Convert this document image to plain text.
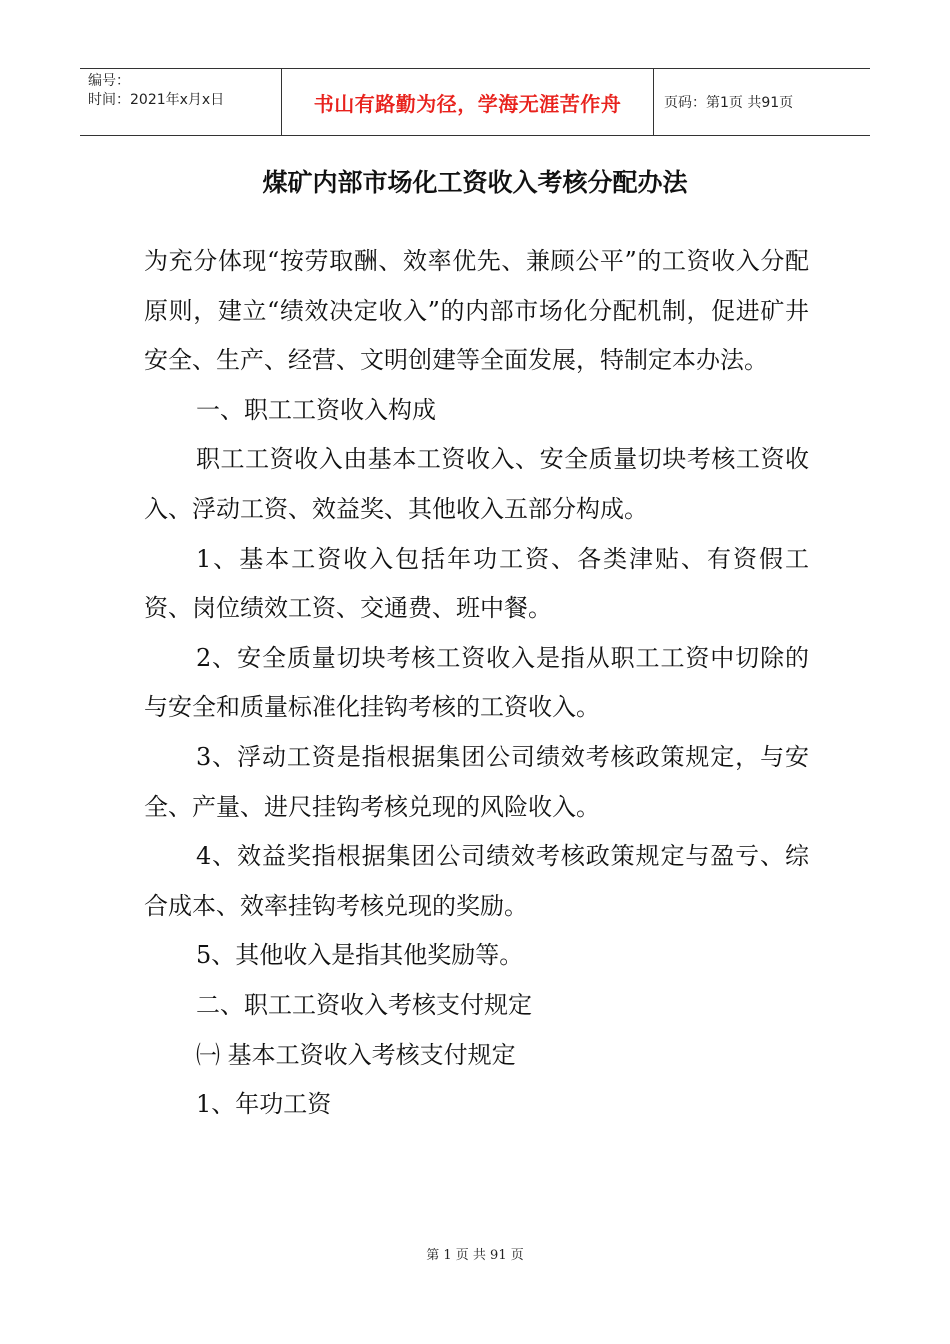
编号：
时间：2021年x月x日	书山有路勤为径，学海无涯苦作舟	页码：第1页 共91页
煤矿内部市场化工资收入考核分配办法

为充分体现“按劳取酬、效率优先、兼顾公平”的工资收入分配原则，建立“绩效决定收入”的内部市场化分配机制，促进矿井安全、生产、经营、文明创建等全面发展，特制定本办法。

一、职工工资收入构成

职工工资收入由基本工资收入、安全质量切块考核工资收入、浮动工资、效益奖、其他收入五部分构成。

1、基本工资收入包括年功工资、各类津贴、有资假工资、岗位绩效工资、交通费、班中餐。

2、安全质量切块考核工资收入是指从职工工资中切除的与安全和质量标准化挂钩考核的工资收入。

3、浮动工资是指根据集团公司绩效考核政策规定，与安全、产量、进尺挂钩考核兑现的风险收入。

4、效益奖指根据集团公司绩效考核政策规定与盈亏、综合成本、效率挂钩考核兑现的奖励。

5、其他收入是指其他奖励等。

二、职工工资收入考核支付规定

㈠ 基本工资收入考核支付规定

1、年功工资

第 1 页 共 91 页
